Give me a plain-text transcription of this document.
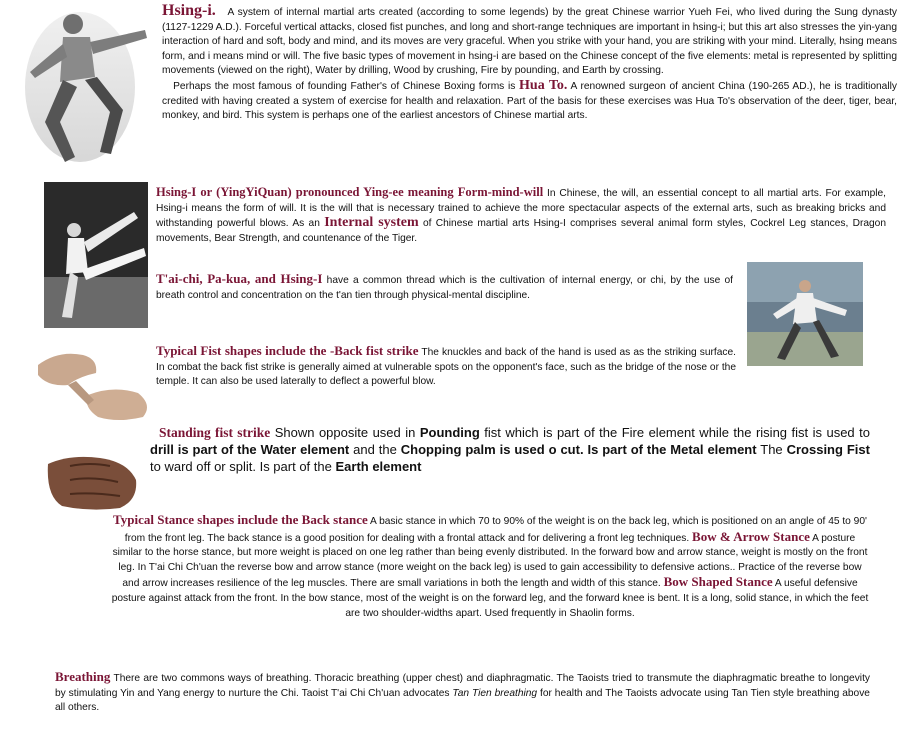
Hsing-i. A system of internal martial arts created (according to some legends) by the great Chinese warrior Yueh Fei, who lived during the Sung dynasty (1127-1229 A.D.). Forceful vertical attacks, closed fist punches, and long and short-range techniques are important in hsing-i; but this art also stresses the yin-yang interaction of hard and soft, body and mind, and its moves are very graceful. When you strike with your hand, you are striking with your mind. Literally, hsing means form, and i means mind or will. The five basic types of movement in hsing-i are based on the Chinese concept of the five elements: metal is represented by splitting movements (viewed on the right), Water by drilling, Wood by crushing, Fire by pounding, and Earth by crossing.
Perhaps the most famous of founding Father's of Chinese Boxing forms is Hua To. A renowned surgeon of ancient China (190-265 AD.), he is traditionally credited with having created a system of exercise for health and relaxation. Part of the basis for these exercises was Hua To's observation of the deer, tiger, bear, monkey, and bird. This system is perhaps one of the earliest ancestors of Chinese martial arts.
Hsing-I or (YingYiQuan) pronounced Ying-ee meaning Form-mind-will In Chinese, the will, an essential concept to all martial arts. For example, Hsing-i means the form of will. It is the will that is necessary trained to achieve the more spectacular aspects of the external arts, such as breaking bricks and withstanding powerful blows. As an Internal system of Chinese martial arts Hsing-I comprises several animal form styles, Cockrel Leg stances, Dragon movements, Bear Strength, and countenance of the Tiger.
T'ai-chi, Pa-kua, and Hsing-I have a common thread which is the cultivation of internal energy, or chi, by the use of breath control and concentration on the t'an tien through physical-mental discipline.
Typical Fist shapes include the -Back fist strike The knuckles and back of the hand is used as as the striking surface. In combat the back fist strike is generally aimed at vulnerable spots on the opponent's face, such as the bridge of the nose or the temple. It can also be used laterally to deflect a powerful blow.
Standing fist strike Shown opposite used in Pounding fist which is part of the Fire element while the rising fist is used to drill is part of the Water element and the Chopping palm is used o cut. Is part of the Metal element The Crossing Fist to ward off or split. Is part of the Earth element
Typical Stance shapes include the Back stance A basic stance in which 70 to 90% of the weight is on the back leg, which is positioned on an angle of 45 to 90' from the front leg. The back stance is a good position for dealing with a frontal attack and for delivering a front leg techniques. Bow & Arrow Stance A posture similar to the horse stance, but more weight is placed on one leg rather than being evenly distributed. In the forward bow and arrow stance, weight is mostly on the front leg. In T'ai Chi Ch'uan the reverse bow and arrow stance (more weight on the back leg) is used to gain accessibility to defensive actions.. Practice of the reverse bow and arrow increases resilience of the leg muscles. There are small variations in both the length and width of this stance. Bow Shaped Stance A useful defensive posture against attack from the front. In the bow stance, most of the weight is on the forward leg, and the forward knee is bent. It is a long, solid stance, in which the feet are two shoulder-widths apart. Used frequently in Shaolin forms.
Breathing There are two commons ways of breathing. Thoracic breathing (upper chest) and diaphragmatic. The Taoists tried to transmute the diaphragmatic breathe to longevity by stimulating Yin and Yang energy to nurture the Chi. Taoist T'ai Chi Ch'uan advocates Tan Tien breathing for health and The Taoists advocate using Tan Tien style breathing above all others.
